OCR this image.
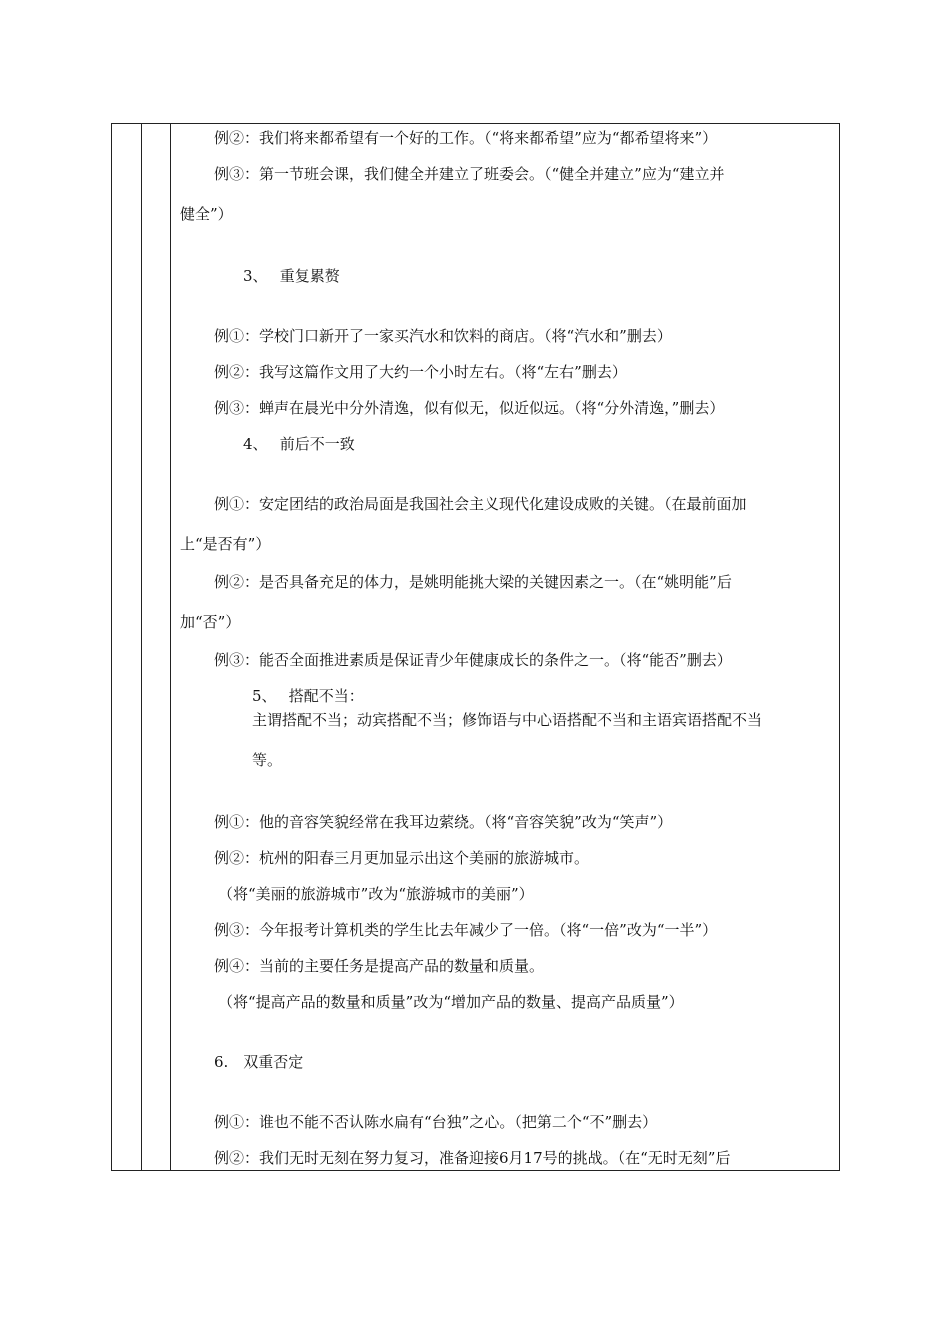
例②：我们将来都希望有一个好的工作。（“将来都希望”应为“都希望将来”）
例③：第一节班会课，我们健全并建立了班委会。（“健全并建立”应为“建立并
健全”）
3、　 重复累赘
例①：学校门口新开了一家买汽水和饮料的商店。（将“汽水和”删去）
例②：我写这篇作文用了大约一个小时左右。（将“左右”删去）
例③：蝉声在晨光中分外清逸，似有似无，似近似远。（将“分外清逸，”删去）
4、　 前后不一致
例①：安定团结的政治局面是我国社会主义现代化建设成败的关键。（在最前面加
上“是否有”）
例②：是否具备充足的体力，是姚明能挑大梁的关键因素之一。（在“姚明能”后
加“否”）
例③：能否全面推进素质是保证青少年健康成长的条件之一。（将“能否”删去）
5、　 搭配不当：
主谓搭配不当；动宾搭配不当；修饰语与中心语搭配不当和主语宾语搭配不当
等。
例①：他的音容笑貌经常在我耳边萦绕。（将“音容笑貌”改为“笑声”）
例②：杭州的阳春三月更加显示出这个美丽的旅游城市。
（将“美丽的旅游城市”改为“旅游城市的美丽”）
例③：今年报考计算机类的学生比去年减少了一倍。（将“一倍”改为“一半”）
例④：当前的主要任务是提高产品的数量和质量。
（将“提高产品的数量和质量”改为“增加产品的数量、提高产品质量”）
6.　双重否定
例①：谁也不能不否认陈水扁有“台独”之心。（把第二个“不”删去）
例②：我们无时无刻在努力复习，准备迎接6月17号的挑战。（在“无时无刻”后
